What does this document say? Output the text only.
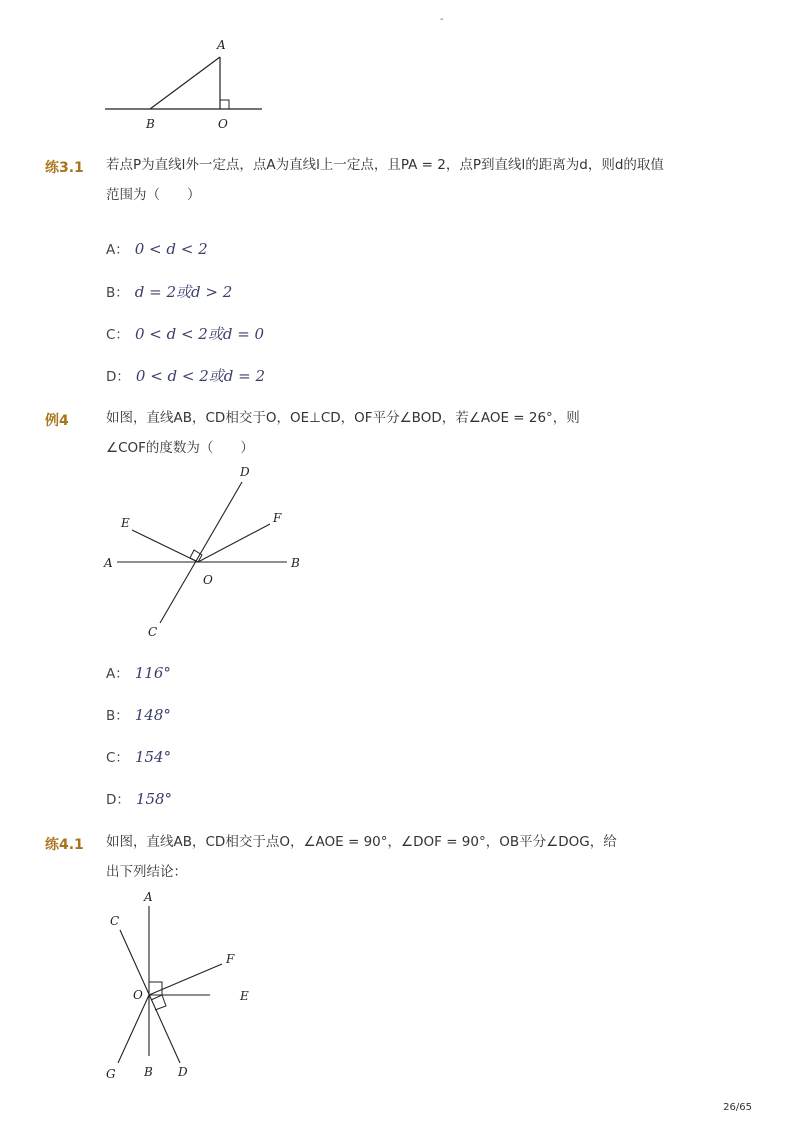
-
A
B	O
练3.1 若点P为直线l外一定点，点A为直线l上一定点，且PA = 2，点P到直线l的距离为d，则d的取值
范围为（　　）
A： 0 < d < 2
B： d = 2或d > 2
C： 0 < d < 2或d = 0
D： 0 < d < 2或d = 2
例4	如图，直线AB，CD相交于O，OE⊥CD，OF平分∠BOD，若∠AOE = 26°，则
∠COF的度数为（　　）
D
E	F
A	B
O
C
A： 116°
B： 148°
C： 154°
D： 158°
练4.1 如图，直线AB，CD相交于点O，∠AOE = 90°，∠DOF = 90°，OB平分∠DOG，给
出下列结论：
A
C
F
O	E
G B D
26/65
